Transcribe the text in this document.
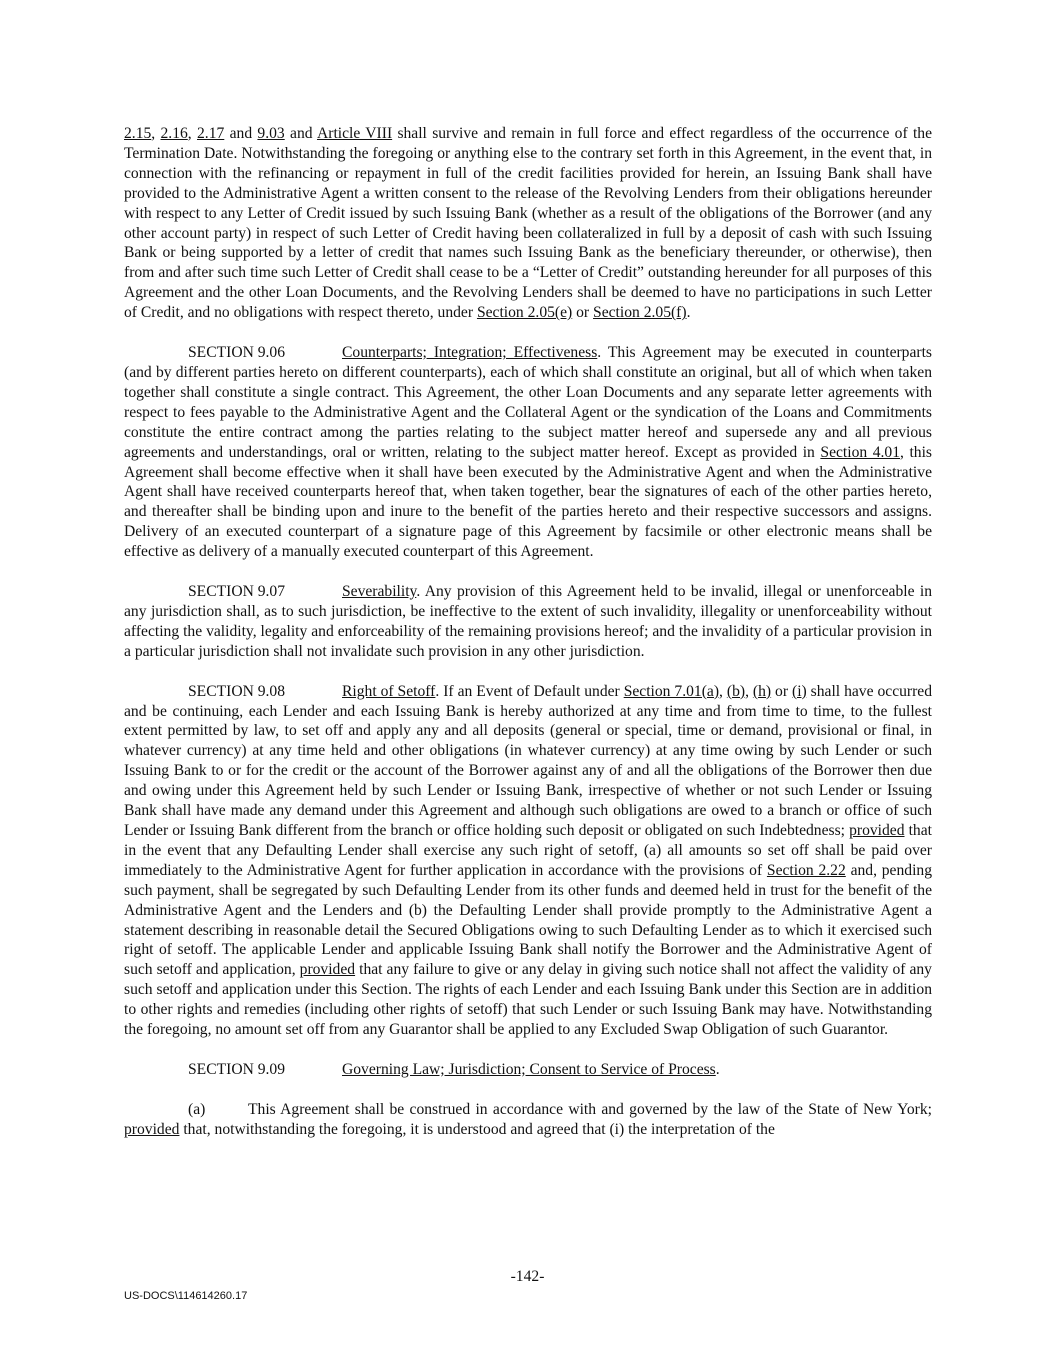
2.15, 2.16, 2.17 and 9.03 and Article VIII shall survive and remain in full force and effect regardless of the occurrence of the Termination Date. Notwithstanding the foregoing or anything else to the contrary set forth in this Agreement, in the event that, in connection with the refinancing or repayment in full of the credit facilities provided for herein, an Issuing Bank shall have provided to the Administrative Agent a written consent to the release of the Revolving Lenders from their obligations hereunder with respect to any Letter of Credit issued by such Issuing Bank (whether as a result of the obligations of the Borrower (and any other account party) in respect of such Letter of Credit having been collateralized in full by a deposit of cash with such Issuing Bank or being supported by a letter of credit that names such Issuing Bank as the beneficiary thereunder, or otherwise), then from and after such time such Letter of Credit shall cease to be a “Letter of Credit” outstanding hereunder for all purposes of this Agreement and the other Loan Documents, and the Revolving Lenders shall be deemed to have no participations in such Letter of Credit, and no obligations with respect thereto, under Section 2.05(e) or Section 2.05(f).

SECTION 9.06	Counterparts; Integration; Effectiveness. This Agreement may be executed in counterparts (and by different parties hereto on different counterparts), each of which shall constitute an original, but all of which when taken together shall constitute a single contract. This Agreement, the other Loan Documents and any separate letter agreements with respect to fees payable to the Administrative Agent and the Collateral Agent or the syndication of the Loans and Commitments constitute the entire contract among the parties relating to the subject matter hereof and supersede any and all previous agreements and understandings, oral or written, relating to the subject matter hereof. Except as provided in Section 4.01, this Agreement shall become effective when it shall have been executed by the Administrative Agent and when the Administrative Agent shall have received counterparts hereof that, when taken together, bear the signatures of each of the other parties hereto, and thereafter shall be binding upon and inure to the benefit of the parties hereto and their respective successors and assigns. Delivery of an executed counterpart of a signature page of this Agreement by facsimile or other electronic means shall be effective as delivery of a manually executed counterpart of this Agreement.

SECTION 9.07	Severability. Any provision of this Agreement held to be invalid, illegal or unenforceable in any jurisdiction shall, as to such jurisdiction, be ineffective to the extent of such invalidity, illegality or unenforceability without affecting the validity, legality and enforceability of the remaining provisions hereof; and the invalidity of a particular provision in a particular jurisdiction shall not invalidate such provision in any other jurisdiction.

SECTION 9.08	Right of Setoff. If an Event of Default under Section 7.01(a), (b), (h) or (i) shall have occurred and be continuing, each Lender and each Issuing Bank is hereby authorized at any time and from time to time, to the fullest extent permitted by law, to set off and apply any and all deposits (general or special, time or demand, provisional or final, in whatever currency) at any time held and other obligations (in whatever currency) at any time owing by such Lender or such Issuing Bank to or for the credit or the account of the Borrower against any of and all the obligations of the Borrower then due and owing under this Agreement held by such Lender or Issuing Bank, irrespective of whether or not such Lender or Issuing Bank shall have made any demand under this Agreement and although such obligations are owed to a branch or office of such Lender or Issuing Bank different from the branch or office holding such deposit or obligated on such Indebtedness; provided that in the event that any Defaulting Lender shall exercise any such right of setoff, (a) all amounts so set off shall be paid over immediately to the Administrative Agent for further application in accordance with the provisions of Section 2.22 and, pending such payment, shall be segregated by such Defaulting Lender from its other funds and deemed held in trust for the benefit of the Administrative Agent and the Lenders and (b) the Defaulting Lender shall provide promptly to the Administrative Agent a statement describing in reasonable detail the Secured Obligations owing to such Defaulting Lender as to which it exercised such right of setoff. The applicable Lender and applicable Issuing Bank shall notify the Borrower and the Administrative Agent of such setoff and application, provided that any failure to give or any delay in giving such notice shall not affect the validity of any such setoff and application under this Section. The rights of each Lender and each Issuing Bank under this Section are in addition to other rights and remedies (including other rights of setoff) that such Lender or such Issuing Bank may have. Notwithstanding the foregoing, no amount set off from any Guarantor shall be applied to any Excluded Swap Obligation of such Guarantor.

SECTION 9.09	Governing Law; Jurisdiction; Consent to Service of Process.

(a)	This Agreement shall be construed in accordance with and governed by the law of the State of New York; provided that, notwithstanding the foregoing, it is understood and agreed that (i) the interpretation of the

-142-
US-DOCS\114614260.17
